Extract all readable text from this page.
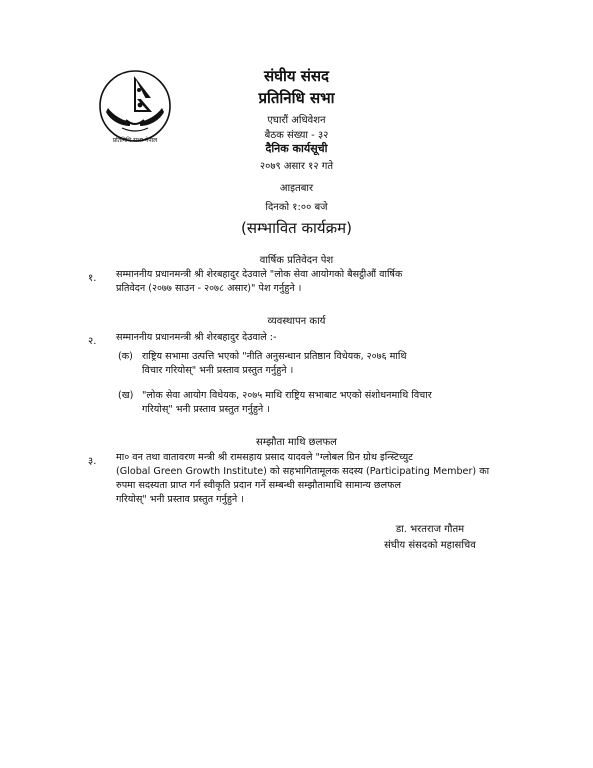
प्रतिनिधि सभा नेपाल
संघीय संसद
प्रतिनिधि सभा
एघारौं अधिवेशन
बैठक संख्या - ३२
दैनिक कार्यसूची
२०७९ असार १२ गते
आइतबार
दिनको १:०० बजे
(सम्भावित कार्यक्रम)
वार्षिक प्रतिवेदन पेश
१. सम्माननीय प्रधानमन्त्री श्री शेरबहादुर देउवाले "लोक सेवा आयोगको बैसट्ठीऔं वार्षिक
प्रतिवेदन (२०७७ साउन - २०७८ असार)" पेश गर्नुहुने ।
व्यवस्थापन कार्य
२. सम्माननीय प्रधानमन्त्री श्री शेरबहादुर देउवाले :-
(क) राष्ट्रिय सभामा उत्पत्ति भएको "नीति अनुसन्धान प्रतिष्ठान विधेयक, २०७६ माथि
विचार गरियोस्" भनी प्रस्ताव प्रस्तुत गर्नुहुने ।
(ख) "लोक सेवा आयोग विधेयक, २०७५ माथि राष्ट्रिय सभाबाट भएको संशोधनमाथि विचार
गरियोस्" भनी प्रस्ताव प्रस्तुत गर्नुहुने ।
सम्झौता माथि छलफल
३. मा० वन तथा वातावरण मन्त्री श्री रामसहाय प्रसाद यादवले "ग्लोबल ग्रिन ग्रोथ इन्स्टिच्युट
(Global Green Growth Institute) को सहभागितामूलक सदस्य (Participating Member) का
रुपमा सदस्यता प्राप्त गर्न स्वीकृति प्रदान गर्ने सम्बन्धी सम्झौतामाथि सामान्य छलफल
गरियोस्" भनी प्रस्ताव प्रस्तुत गर्नुहुने ।
डा. भरतराज गौतम
संघीय संसदको महासचिव
